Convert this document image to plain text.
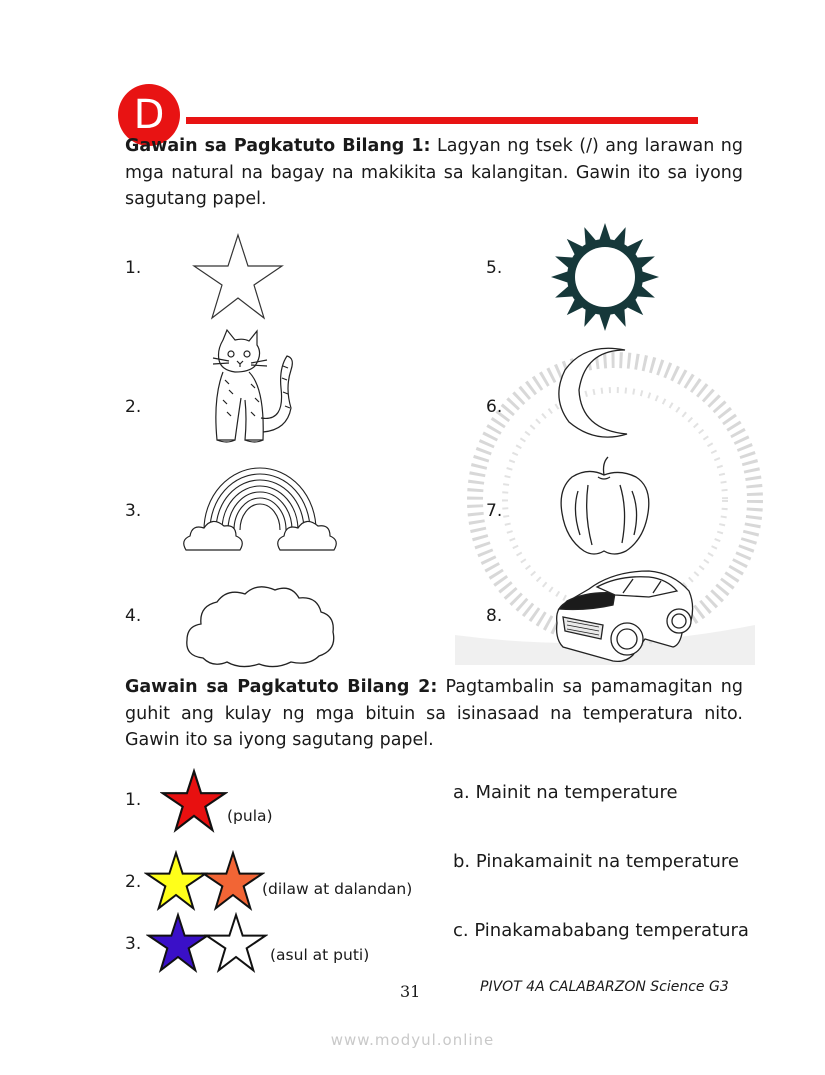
D
Gawain sa Pagkatuto Bilang 1: Lagyan ng tsek (/) ang larawan ng mga natural na bagay na makikita sa kalangitan. Gawin ito sa iyong sagutang papel.
1.
2.
3.
4.
5.
6.
7.
8.
Gawain sa Pagkatuto Bilang 2: Pagtambalin sa pamamagitan ng guhit ang kulay ng mga bituin sa isinasaad na temperatura nito. Gawin ito sa iyong sagutang papel.
1.
2.
3.
(pula)
(dilaw at dalandan)
(asul at puti)
a. Mainit na temperature
b. Pinakamainit na temperature
c. Pinakamababang temperatura
31	PIVOT 4A CALABARZON Science G3
www.modyul.online
